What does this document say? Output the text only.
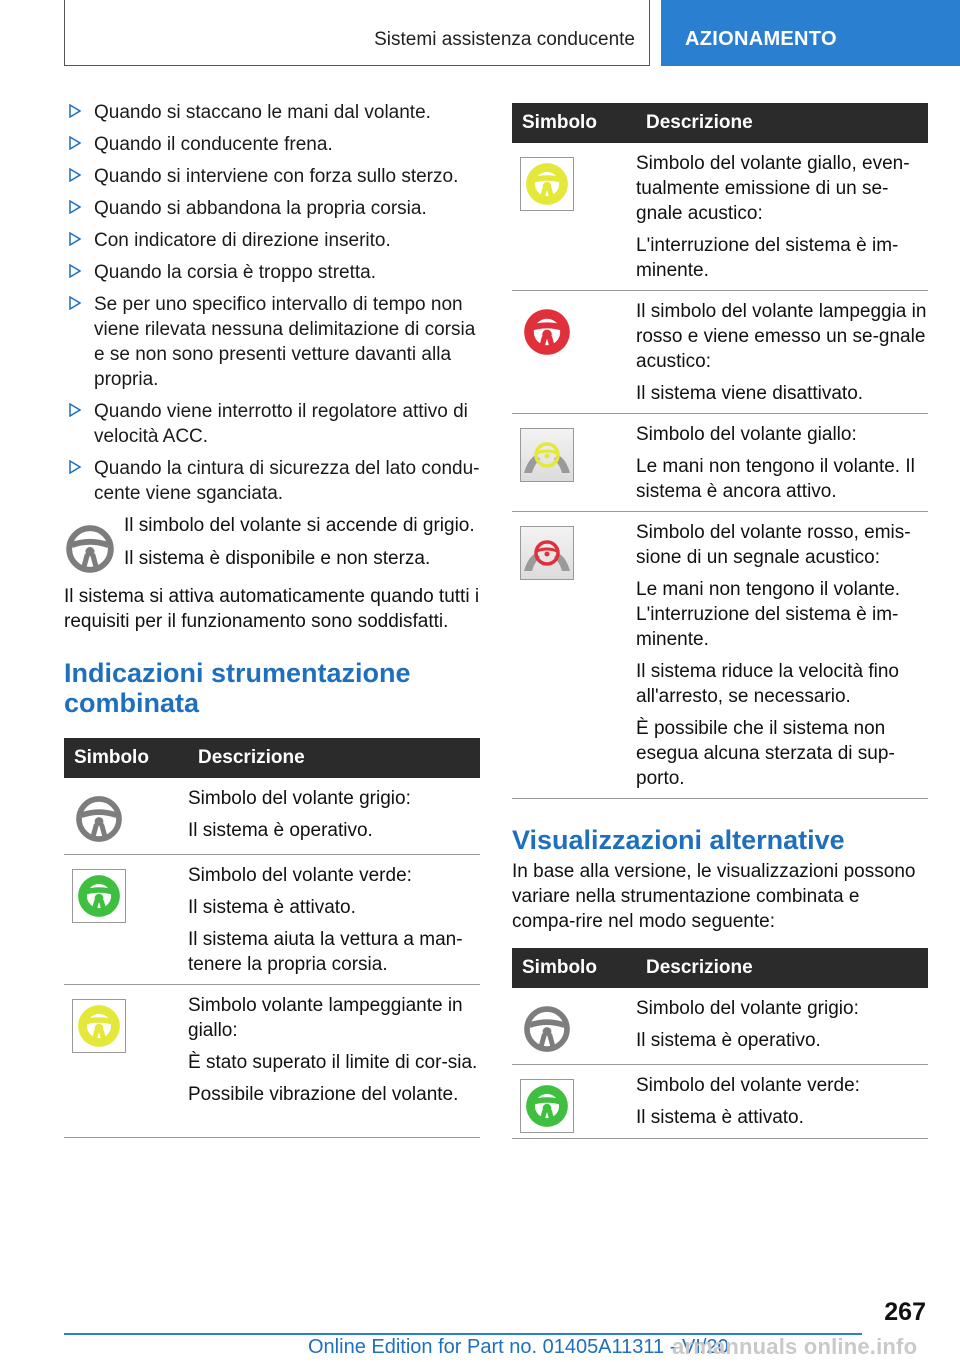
Sistemi assistenza conducente	AZIONAMENTO
Quando si staccano le mani dal volante.
Quando il conducente frena.
Quando si interviene con forza sullo sterzo.
Quando si abbandona la propria corsia.
Con indicatore di direzione inserito.
Quando la corsia è troppo stretta.
Se per uno specifico intervallo di tempo non viene rilevata nessuna delimitazione di corsia e se non sono presenti vetture davanti alla propria.
Quando viene interrotto il regolatore attivo di velocità ACC.
Quando la cintura di sicurezza del lato condu-cente viene sganciata.

Il simbolo del volante si accende di grigio.

Il sistema è disponibile e non sterza.

Il sistema si attiva automaticamente quando tutti i requisiti per il funzionamento sono soddisfatti.

Indicazioni strumentazione combinata
Simbolo	Descrizione

Simbolo del volante grigio:

Il sistema è operativo.

Simbolo del volante verde:

Il sistema è attivato.

Il sistema aiuta la vettura a man-tenere la propria corsia.

Simbolo volante lampeggiante in giallo:

È stato superato il limite di cor-sia.

Possibile vibrazione del volante.

Simbolo	Descrizione

Simbolo del volante giallo, even-tualmente emissione di un se-gnale acustico:

L'interruzione del sistema è im-minente.

Il simbolo del volante lampeggia in rosso e viene emesso un se-gnale acustico:

Il sistema viene disattivato.

Simbolo del volante giallo:

Le mani non tengono il volante. Il sistema è ancora attivo.

Simbolo del volante rosso, emis-sione di un segnale acustico:

Le mani non tengono il volante. L'interruzione del sistema è im-minente.

Il sistema riduce la velocità fino all'arresto, se necessario.

È possibile che il sistema non esegua alcuna sterzata di sup-porto.

Visualizzazioni alternative

In base alla versione, le visualizzazioni possono variare nella strumentazione combinata e compa-rire nel modo seguente:

Simbolo	Descrizione

Simbolo del volante grigio:

Il sistema è operativo.

Simbolo del volante verde:

Il sistema è attivato.

267
Online Edition for Part no. 01405A11311 - VI/20
armannuals online.info
